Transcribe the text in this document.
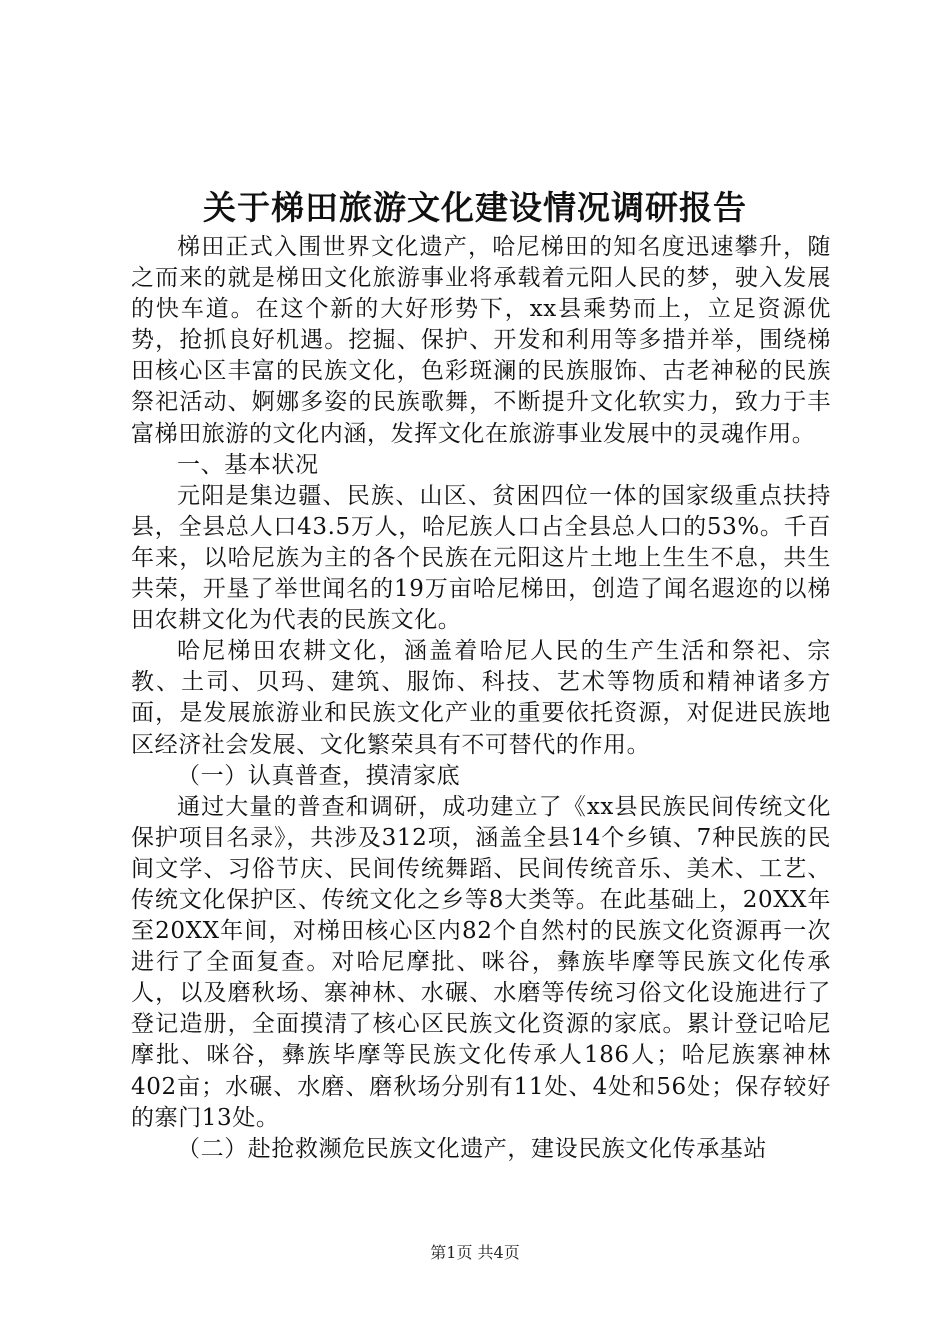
关于梯田旅游文化建设情况调研报告

梯田正式入围世界文化遗产，哈尼梯田的知名度迅速攀升，随之而来的就是梯田文化旅游事业将承载着元阳人民的梦，驶入发展的快车道。在这个新的大好形势下，xx县乘势而上，立足资源优势，抢抓良好机遇。挖掘、保护、开发和利用等多措并举，围绕梯田核心区丰富的民族文化，色彩斑澜的民族服饰、古老神秘的民族祭祀活动、婀娜多姿的民族歌舞，不断提升文化软实力，致力于丰富梯田旅游的文化内涵，发挥文化在旅游事业发展中的灵魂作用。

一、基本状况

元阳是集边疆、民族、山区、贫困四位一体的国家级重点扶持县，全县总人口43.5万人，哈尼族人口占全县总人口的53%。千百年来，以哈尼族为主的各个民族在元阳这片土地上生生不息，共生共荣，开垦了举世闻名的19万亩哈尼梯田，创造了闻名遐迩的以梯田农耕文化为代表的民族文化。

哈尼梯田农耕文化，涵盖着哈尼人民的生产生活和祭祀、宗教、土司、贝玛、建筑、服饰、科技、艺术等物质和精神诸多方面，是发展旅游业和民族文化产业的重要依托资源，对促进民族地区经济社会发展、文化繁荣具有不可替代的作用。

（一）认真普查，摸清家底

通过大量的普查和调研，成功建立了《xx县民族民间传统文化保护项目名录》，共涉及312项，涵盖全县14个乡镇、7种民族的民间文学、习俗节庆、民间传统舞蹈、民间传统音乐、美术、工艺、传统文化保护区、传统文化之乡等8大类等。在此基础上，20XX年至20XX年间，对梯田核心区内82个自然村的民族文化资源再一次进行了全面复查。对哈尼摩批、咪谷，彝族毕摩等民族文化传承人，以及磨秋场、寨神林、水碾、水磨等传统习俗文化设施进行了登记造册，全面摸清了核心区民族文化资源的家底。累计登记哈尼摩批、咪谷，彝族毕摩等民族文化传承人186人；哈尼族寨神林402亩；水碾、水磨、磨秋场分别有11处、4处和56处；保存较好的寨门13处。

（二）赴抢救濒危民族文化遗产，建设民族文化传承基站

第1页 共4页
